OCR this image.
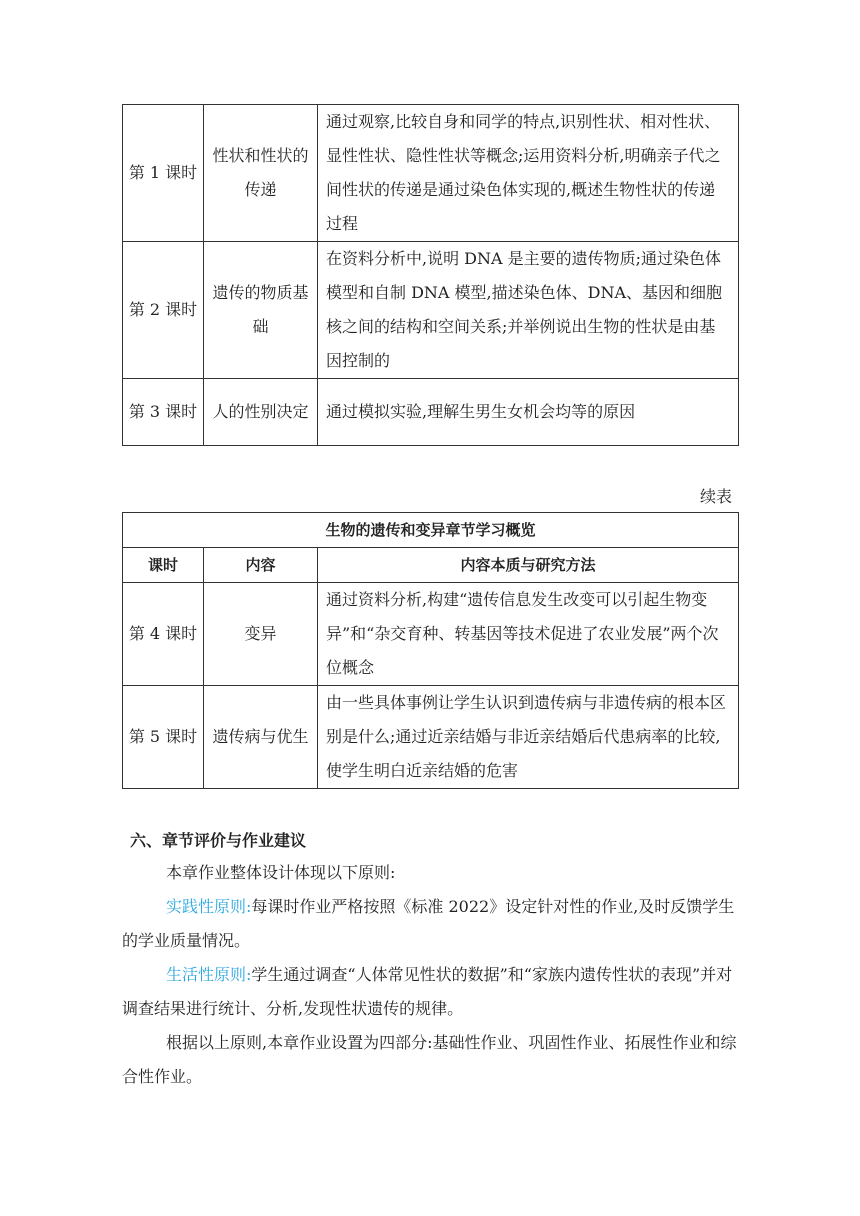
第 1 课时	性状和性状的传递	通过观察,比较自身和同学的特点,识别性状、相对性状、显性性状、隐性性状等概念;运用资料分析,明确亲子代之间性状的传递是通过染色体实现的,概述生物性状的传递过程
第 2 课时	遗传的物质基础	在资料分析中,说明 DNA 是主要的遗传物质;通过染色体模型和自制 DNA 模型,描述染色体、DNA、基因和细胞核之间的结构和空间关系;并举例说出生物的性状是由基因控制的
第 3 课时	人的性别决定	通过模拟实验,理解生男生女机会均等的原因
续表
生物的遗传和变异章节学习概览		
课时	内容	内容本质与研究方法
第 4 课时	变异	通过资料分析,构建“遗传信息发生改变可以引起生物变异”和“杂交育种、转基因等技术促进了农业发展”两个次位概念
第 5 课时	遗传病与优生	由一些具体事例让学生认识到遗传病与非遗传病的根本区别是什么;通过近亲结婚与非近亲结婚后代患病率的比较,使学生明白近亲结婚的危害
六、章节评价与作业建议

本章作业整体设计体现以下原则:

实践性原则:每课时作业严格按照《标准 2022》设定针对性的作业,及时反馈学生的学业质量情况。

生活性原则:学生通过调查“人体常见性状的数据”和“家族内遗传性状的表现”并对调查结果进行统计、分析,发现性状遗传的规律。

根据以上原则,本章作业设置为四部分:基础性作业、巩固性作业、拓展性作业和综合性作业。
